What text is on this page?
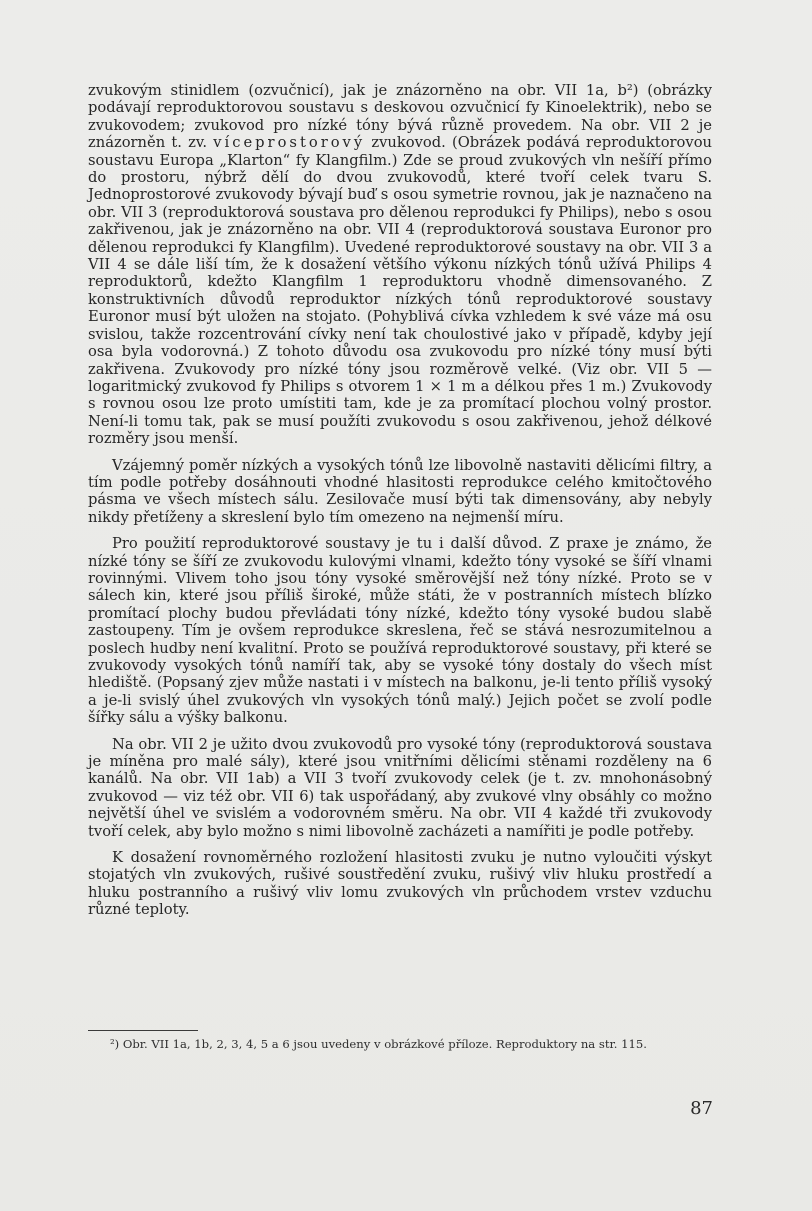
zvukovým stinidlem (ozvučnicí), jak je znázorněno na obr. VII 1a, b²) (obrázky podávají reproduktorovou soustavu s deskovou ozvučnicí fy Kinoelektrik), nebo se zvukovodem; zvukovod pro nízké tóny bývá různě provedem. Na obr. VII 2 je znázorněn t. zv. víceprostorový zvukovod. (Obrázek podává reproduktorovou soustavu Europa „Klarton“ fy Klangfilm.) Zde se proud zvukových vln nešíří přímo do prostoru, nýbrž dělí do dvou zvukovodů, které tvoří celek tvaru S. Jednoprostorové zvukovody bývají buď s osou symetrie rovnou, jak je naznačeno na obr. VII 3 (reproduktorová soustava pro dělenou reprodukci fy Philips), nebo s osou zakřivenou, jak je znázorněno na obr. VII 4 (reproduktorová soustava Euronor pro dělenou reprodukci fy Klangfilm). Uvedené reproduktorové soustavy na obr. VII 3 a VII 4 se dále liší tím, že k dosažení většího výkonu nízkých tónů užívá Philips 4 reproduktorů, kdežto Klangfilm 1 reproduktoru vhodně dimensovaného. Z konstruktivních důvodů reproduktor nízkých tónů reproduktorové soustavy Euronor musí být uložen na stojato. (Pohyblivá cívka vzhledem k své váze má osu svislou, takže rozcentrování cívky není tak choulostivé jako v případě, kdyby její osa byla vodorovná.) Z tohoto důvodu osa zvukovodu pro nízké tóny musí býti zakřivena. Zvukovody pro nízké tóny jsou rozměrově velké. (Viz obr. VII 5 — logaritmický zvukovod fy Philips s otvorem 1 × 1 m a délkou přes 1 m.) Zvukovody s rovnou osou lze proto umístiti tam, kde je za promítací plochou volný prostor. Není-li tomu tak, pak se musí použíti zvukovodu s osou zakřivenou, jehož délkové rozměry jsou menší.

Vzájemný poměr nízkých a vysokých tónů lze libovolně nastaviti dělicími filtry, a tím podle potřeby dosáhnouti vhodné hlasitosti reprodukce celého kmitočtového pásma ve všech místech sálu. Zesilovače musí býti tak dimensovány, aby nebyly nikdy přetíženy a skreslení bylo tím omezeno na nejmenší míru.

Pro použití reproduktorové soustavy je tu i další důvod. Z praxe je známo, že nízké tóny se šíří ze zvukovodu kulovými vlnami, kdežto tóny vysoké se šíří vlnami rovinnými. Vlivem toho jsou tóny vysoké směrovější než tóny nízké. Proto se v sálech kin, které jsou příliš široké, může státi, že v postranních místech blízko promítací plochy budou převládati tóny nízké, kdežto tóny vysoké budou slabě zastoupeny. Tím je ovšem reprodukce skreslena, řeč se stává nesrozumitelnou a poslech hudby není kvalitní. Proto se používá reproduktorové soustavy, při které se zvukovody vysokých tónů namíří tak, aby se vysoké tóny dostaly do všech míst hlediště. (Popsaný zjev může nastati i v místech na balkonu, je-li tento příliš vysoký a je-li svislý úhel zvukových vln vysokých tónů malý.) Jejich počet se zvolí podle šířky sálu a výšky balkonu.

Na obr. VII 2 je užito dvou zvukovodů pro vysoké tóny (reproduktorová soustava je míněna pro malé sály), které jsou vnitřními dělicími stěnami rozděleny na 6 kanálů. Na obr. VII 1ab) a VII 3 tvoří zvukovody celek (je t. zv. mnohonásobný zvukovod — viz též obr. VII 6) tak uspořádaný, aby zvukové vlny obsáhly co možno největší úhel ve svislém a vodorovném směru. Na obr. VII 4 každé tři zvukovody tvoří celek, aby bylo možno s nimi libovolně zacházeti a namířiti je podle potřeby.

K dosažení rovnoměrného rozložení hlasitosti zvuku je nutno vyloučiti výskyt stojatých vln zvukových, rušivé soustředění zvuku, rušivý vliv hluku prostředí a hluku postranního a rušivý vliv lomu zvukových vln průchodem vrstev vzduchu různé teploty.

²) Obr. VII 1a, 1b, 2, 3, 4, 5 a 6 jsou uvedeny v obrázkové příloze. Reproduktory na str. 115.

87
